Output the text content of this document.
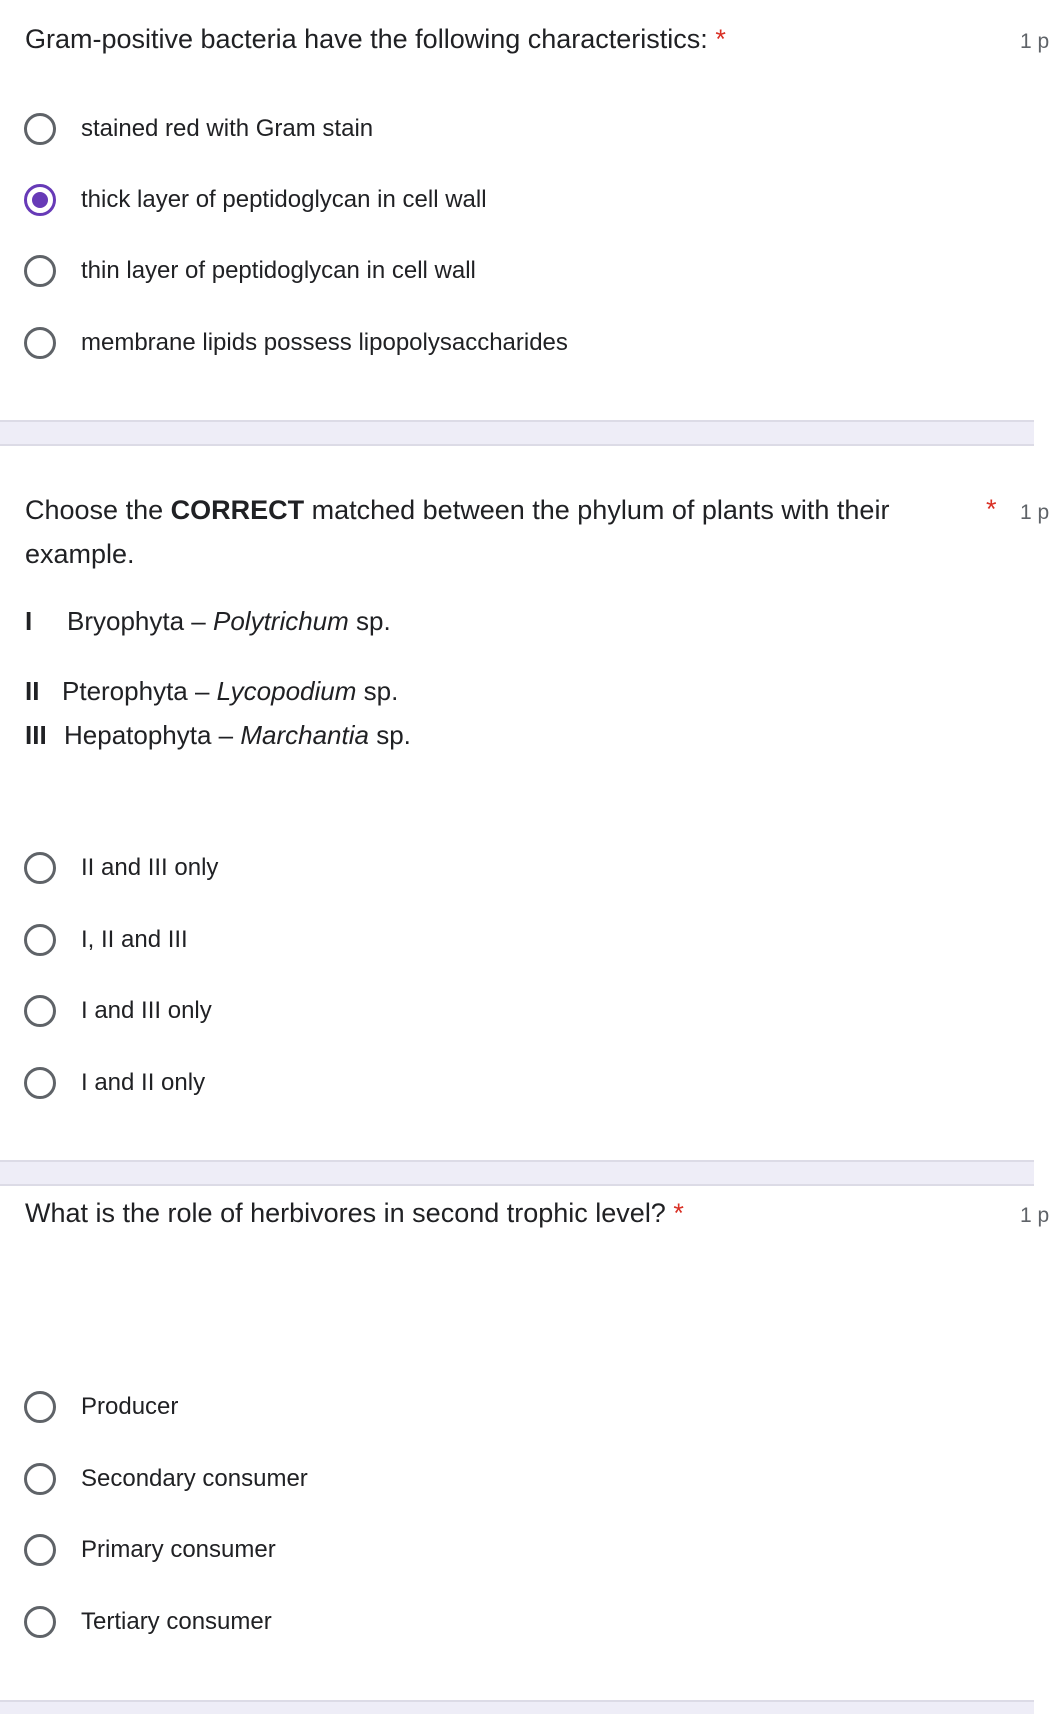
Gram-positive bacteria have the following characteristics: *	1 p
stained red with Gram stain
thick layer of peptidoglycan in cell wall
thin layer of peptidoglycan in cell wall
membrane lipids possess lipopolysaccharides
Choose the CORRECT matched between the phylum of plants with their
example.
* 1 p
I Bryophyta – Polytrichum sp.
II Pterophyta – Lycopodium sp.
III Hepatophyta – Marchantia sp.
II and III only
I, II and III
I and III only
I and II only
What is the role of herbivores in second trophic level? *	1 p
Producer
Secondary consumer
Primary consumer
Tertiary consumer
